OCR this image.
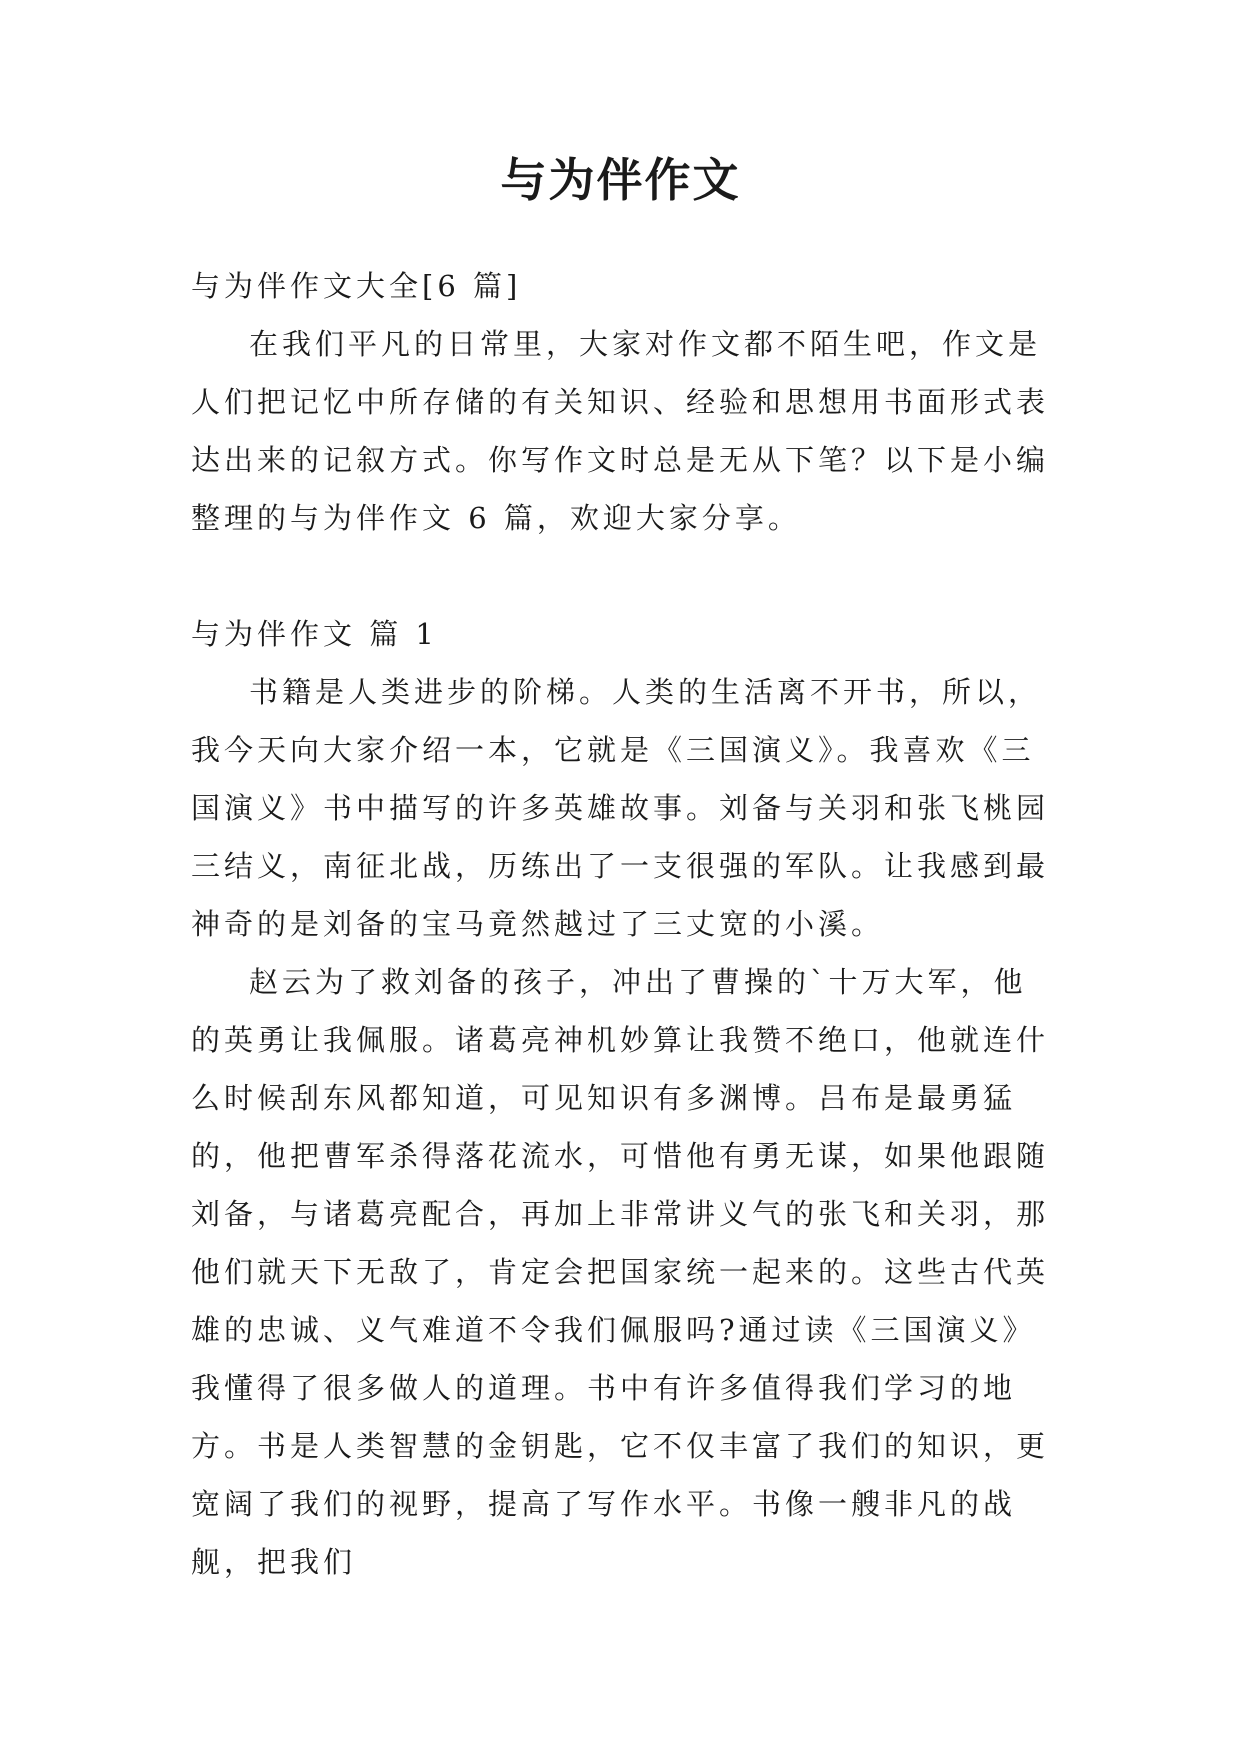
与为伴作文

与为伴作文大全[6 篇]

在我们平凡的日常里，大家对作文都不陌生吧，作文是人们把记忆中所存储的有关知识、经验和思想用书面形式表达出来的记叙方式。你写作文时总是无从下笔？以下是小编整理的与为伴作文 6 篇，欢迎大家分享。

与为伴作文 篇 1

书籍是人类进步的阶梯。人类的生活离不开书，所以，我今天向大家介绍一本，它就是《三国演义》。我喜欢《三国演义》书中描写的许多英雄故事。刘备与关羽和张飞桃园三结义，南征北战，历练出了一支很强的军队。让我感到最神奇的是刘备的宝马竟然越过了三丈宽的小溪。

赵云为了救刘备的孩子，冲出了曹操的`十万大军，他的英勇让我佩服。诸葛亮神机妙算让我赞不绝口，他就连什么时候刮东风都知道，可见知识有多渊博。吕布是最勇猛的，他把曹军杀得落花流水，可惜他有勇无谋，如果他跟随刘备，与诸葛亮配合，再加上非常讲义气的张飞和关羽，那他们就天下无敌了，肯定会把国家统一起来的。这些古代英雄的忠诚、义气难道不令我们佩服吗?通过读《三国演义》我懂得了很多做人的道理。书中有许多值得我们学习的地方。书是人类智慧的金钥匙，它不仅丰富了我们的知识，更宽阔了我们的视野，提高了写作水平。书像一艘非凡的战舰，把我们
